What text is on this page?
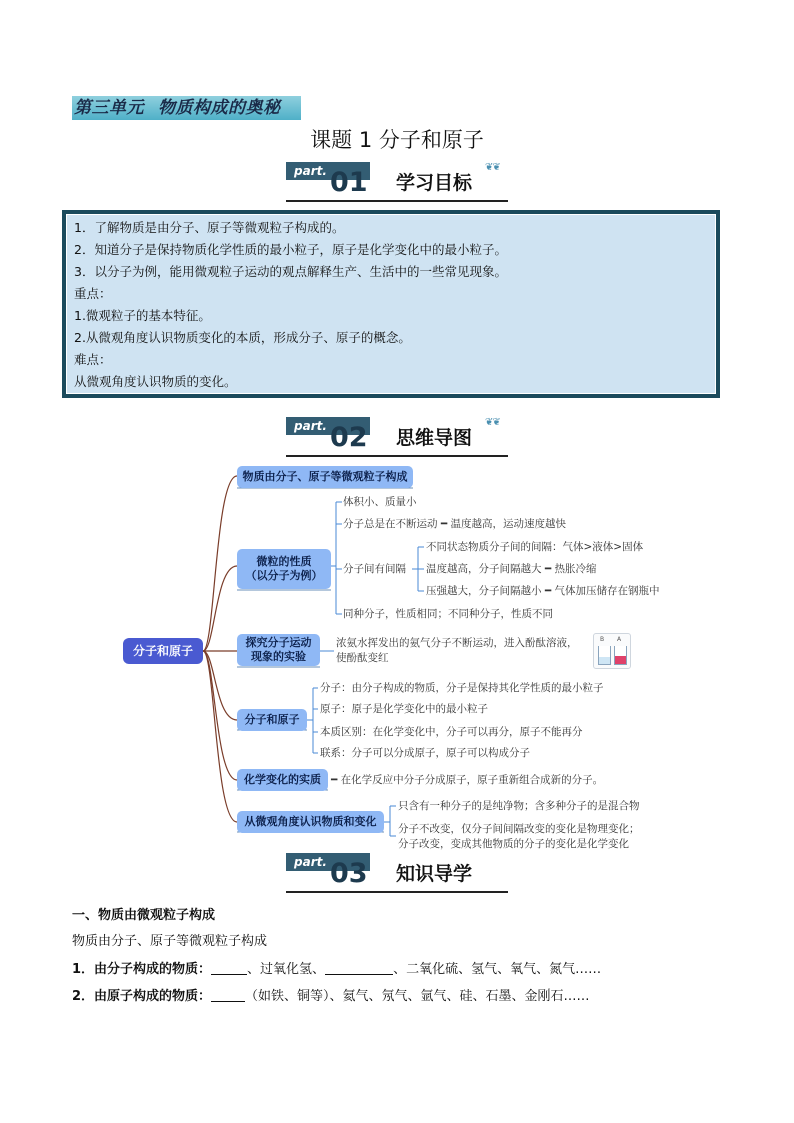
第三单元 物质构成的奥秘
课题 1 分子和原子
part. 01 学习目标
❦❦
1．了解物质是由分子、原子等微观粒子构成的。
2．知道分子是保持物质化学性质的最小粒子，原子是化学变化中的最小粒子。
3．以分子为例，能用微观粒子运动的观点解释生产、生活中的一些常见现象。
重点：
1.微观粒子的基本特征。
2.从微观角度认识物质变化的本质，形成分子、原子的概念。
难点：
从微观角度认识物质的变化。
part. 02 思维导图
❦❦
分子和原子
物质由分子、原子等微观粒子构成
微粒的性质
（以分子为例）
体积小、质量小
分子总是在不断运动 ━ 温度越高，运动速度越快
分子间有间隔
不同状态物质分子间的间隔：气体>液体>固体
温度越高，分子间隔越大 ━ 热胀冷缩
压强越大，分子间隔越小 ━ 气体加压储存在钢瓶中
同种分子，性质相同；不同种分子，性质不同
探究分子运动
现象的实验
浓氨水挥发出的氨气分子不断运动，进入酚酞溶液，
使酚酞变红
B A
分子和原子
分子：由分子构成的物质，分子是保持其化学性质的最小粒子
原子：原子是化学变化中的最小粒子
本质区别：在化学变化中，分子可以再分，原子不能再分
联系：分子可以分成原子，原子可以构成分子
化学变化的实质 ━ 在化学反应中分子分成原子，原子重新组合成新的分子。
从微观角度认识物质和变化
只含有一种分子的是纯净物；含多种分子的是混合物
分子不改变，仅分子间间隔改变的变化是物理变化；
分子改变，变成其他物质的分子的变化是化学变化
part. 03 知识导学
一、物质由微观粒子构成
物质由分子、原子等微观粒子构成
1．由分子构成的物质：	、过氧化氢、	、二氧化硫、氢气、氧气、氮气……
2．由原子构成的物质：	（如铁、铜等）、氦气、氖气、氩气、硅、石墨、金刚石……
